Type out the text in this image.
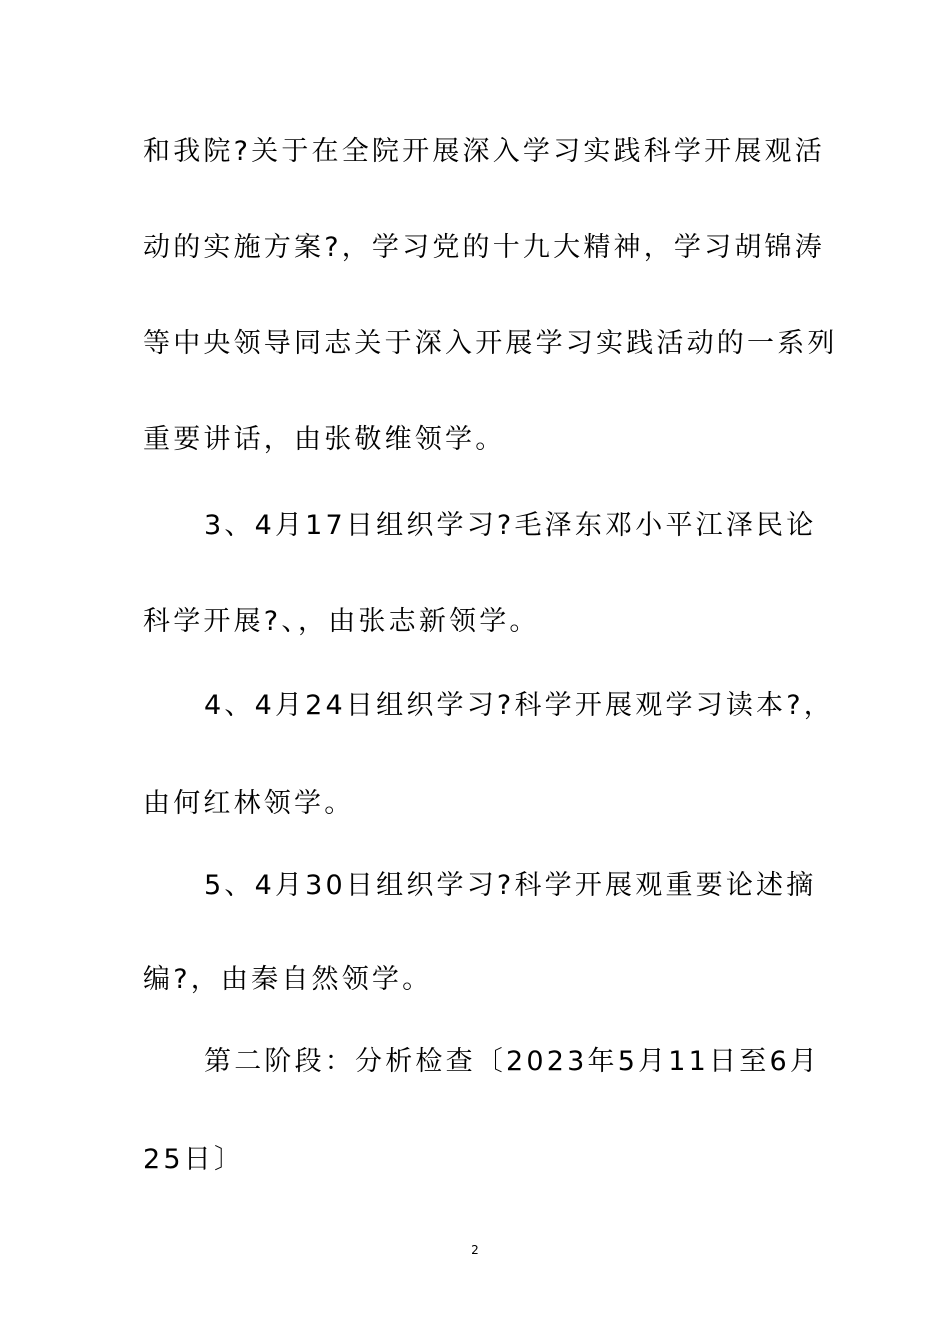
和我院?关于在全院开展深入学习实践科学开展观活
动的实施方案?，学习党的十九大精神，学习胡锦涛
等中央领导同志关于深入开展学习实践活动的一系列
重要讲话，由张敬维领学。
3、4月17日组织学习?毛泽东邓小平江泽民论
科学开展?、，由张志新领学。
4、4月24日组织学习?科学开展观学习读本?，
由何红林领学。
5、4月30日组织学习?科学开展观重要论述摘
编?，由秦自然领学。
第二阶段：分析检查〔2023年5月11日至6月
25日〕
2
